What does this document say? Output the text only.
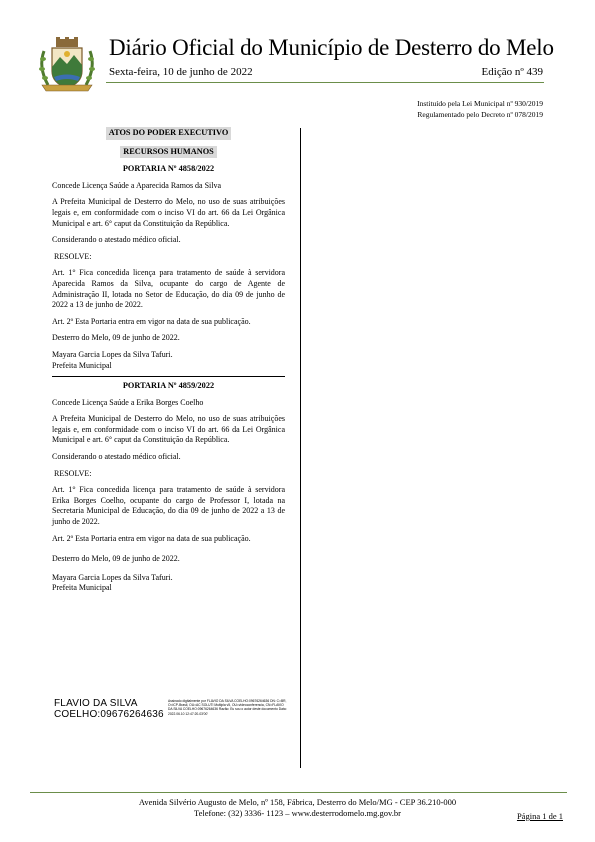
Diário Oficial do Município de Desterro do Melo
Sexta-feira, 10 de junho de 2022	Edição nº 439
Instituído pela Lei Municipal nº 930/2019
Regulamentado pelo Decreto nº 078/2019

ATOS DO PODER EXECUTIVO

RECURSOS HUMANOS

PORTARIA Nº 4858/2022

Concede Licença Saúde a Aparecida Ramos da Silva

A Prefeita Municipal de Desterro do Melo, no uso de suas atribuições legais e, em conformidade com o inciso VI do art. 66 da Lei Orgânica Municipal e art. 6° caput da Constituição da República.

Considerando o atestado médico oficial.

RESOLVE:

Art. 1° Fica concedida licença para tratamento de saúde à servidora Aparecida Ramos da Silva, ocupante do cargo de Agente de Administração II, lotada no Setor de Educação, do dia 09 de junho de 2022 a 13 de junho de 2022.

Art. 2º Esta Portaria entra em vigor na data de sua publicação.

Desterro do Melo, 09 de junho de 2022.

Mayara Garcia Lopes da Silva Tafuri.
Prefeita Municipal
PORTARIA Nº 4859/2022

Concede Licença Saúde a Erika Borges Coelho

A Prefeita Municipal de Desterro do Melo, no uso de suas atribuições legais e, em conformidade com o inciso VI do art. 66 da Lei Orgânica Municipal e art. 6° caput da Constituição da República.

Considerando o atestado médico oficial.

RESOLVE:

Art. 1° Fica concedida licença para tratamento de saúde à servidora Erika Borges Coelho, ocupante do cargo de Professor I, lotada na Secretaria Municipal de Educação, do dia 09 de junho de 2022 a 13 de junho de 2022.

Art. 2º Esta Portaria entra em vigor na data de sua publicação.

Desterro do Melo, 09 de junho de 2022.

Mayara Garcia Lopes da Silva Tafuri.
Prefeita Municipal
FLAVIO DA SILVA
COELHO:09676264636
Assinado digitalmente por FLAVIO DA SILVA COELHO:09676264636 DN: C=BR, O=ICP-Brasil, OU=AC SOLUTI Multipla v5, OU=videoconferencia, CN=FLAVIO DA SILVA COELHO:09676264636 Razão: Eu sou o autor deste documento Data: 2022.06.10 12:47:20-03'00'
Avenida Silvério Augusto de Melo, nº 158, Fábrica, Desterro do Melo/MG - CEP 36.210-000
Telefone: (32) 3336- 1123 – www.desterrodomelo.mg.gov.br	Página 1 de 1
